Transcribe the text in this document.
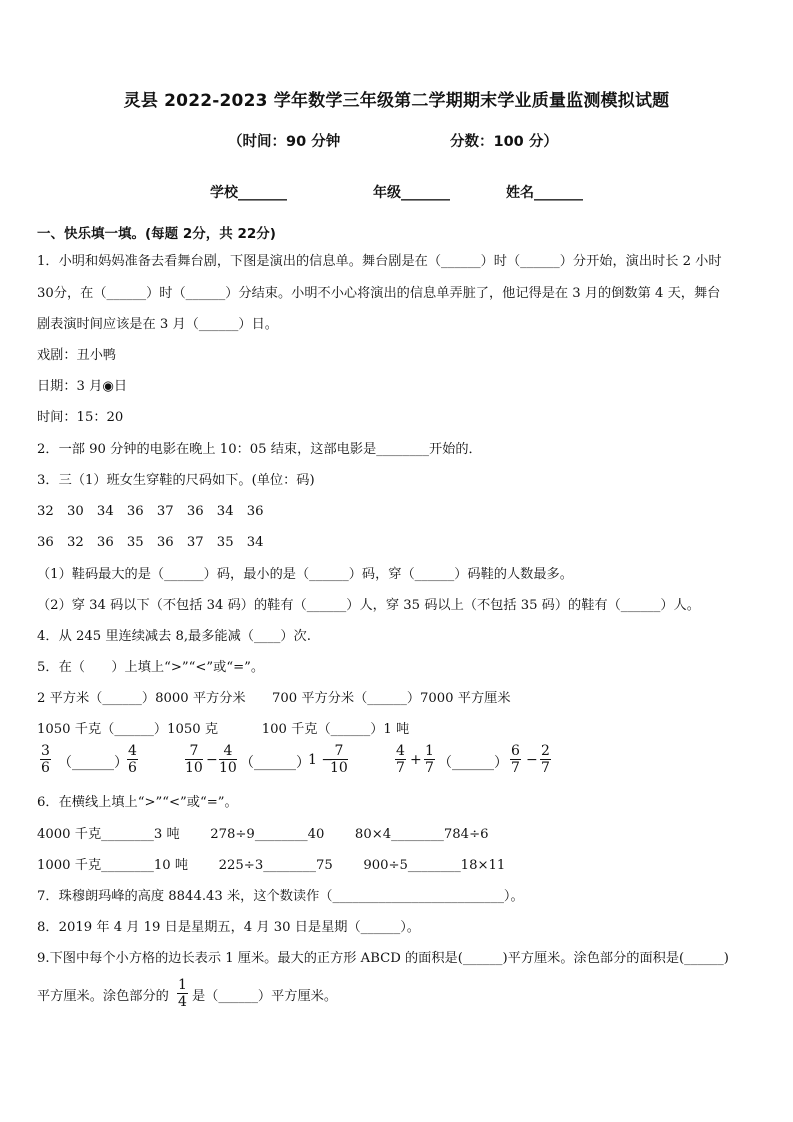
灵县 2022-2023 学年数学三年级第二学期期末学业质量监测模拟试题
（时间：90 分钟	分数：100 分）
学校_______	年级_______	姓名_______
一、快乐填一填。(每题 2分，共 22分)
1．小明和妈妈准备去看舞台剧，下图是演出的信息单。舞台剧是在（______）时（______）分开始，演出时长 2 小时
30分，在（______）时（______）分结束。小明不小心将演出的信息单弄脏了，他记得是在 3 月的倒数第 4 天，舞台
剧表演时间应该是在 3 月（______）日。
戏剧：丑小鸭
日期：3 月◉日
时间：15：20
2．一部 90 分钟的电影在晚上 10：05 结束，这部电影是________开始的．
3．三（1）班女生穿鞋的尺码如下。(单位：码)
32　30　34　36　37　36　34　36
36　32　36　35　36　37　35　34
（1）鞋码最大的是（______）码，最小的是（______）码，穿（______）码鞋的人数最多。
（2）穿 34 码以下（不包括 34 码）的鞋有（______）人，穿 35 码以上（不包括 35 码）的鞋有（______）人。
4．从 245 里连续减去 8,最多能减（____）次.
5．在（　　）上填上“>”“<”或“=”。
2 平方米（______）8000 平方分米　　700 平方分米（______）7000 平方厘米
1050 千克（______）1050 克　　　 100 千克（______）1 吨
3
6 （______）
4
6
7
10 −
4
10 （______）
1 −
7
10
4
7 +
1
7 （______）
6
7 −
2
7
6．在横线上填上“>”“<”或“=”。
4000 千克________3 吨　　 278÷9________40　　 80×4________784÷6
1000 千克________10 吨　　 225÷3________75　　 900÷5________18×11
7．珠穆朗玛峰的高度 8844.43 米，这个数读作（__________________________）。
8．2019 年 4 月 19 日是星期五，4 月 30 日是星期（______）。
9.下图中每个小方格的边长表示 1 厘米。最大的正方形 ABCD 的面积是(______)平方厘米。涂色部分的面积是(______)
平方厘米。涂色部分的
1
4 是（______）平方厘米。
